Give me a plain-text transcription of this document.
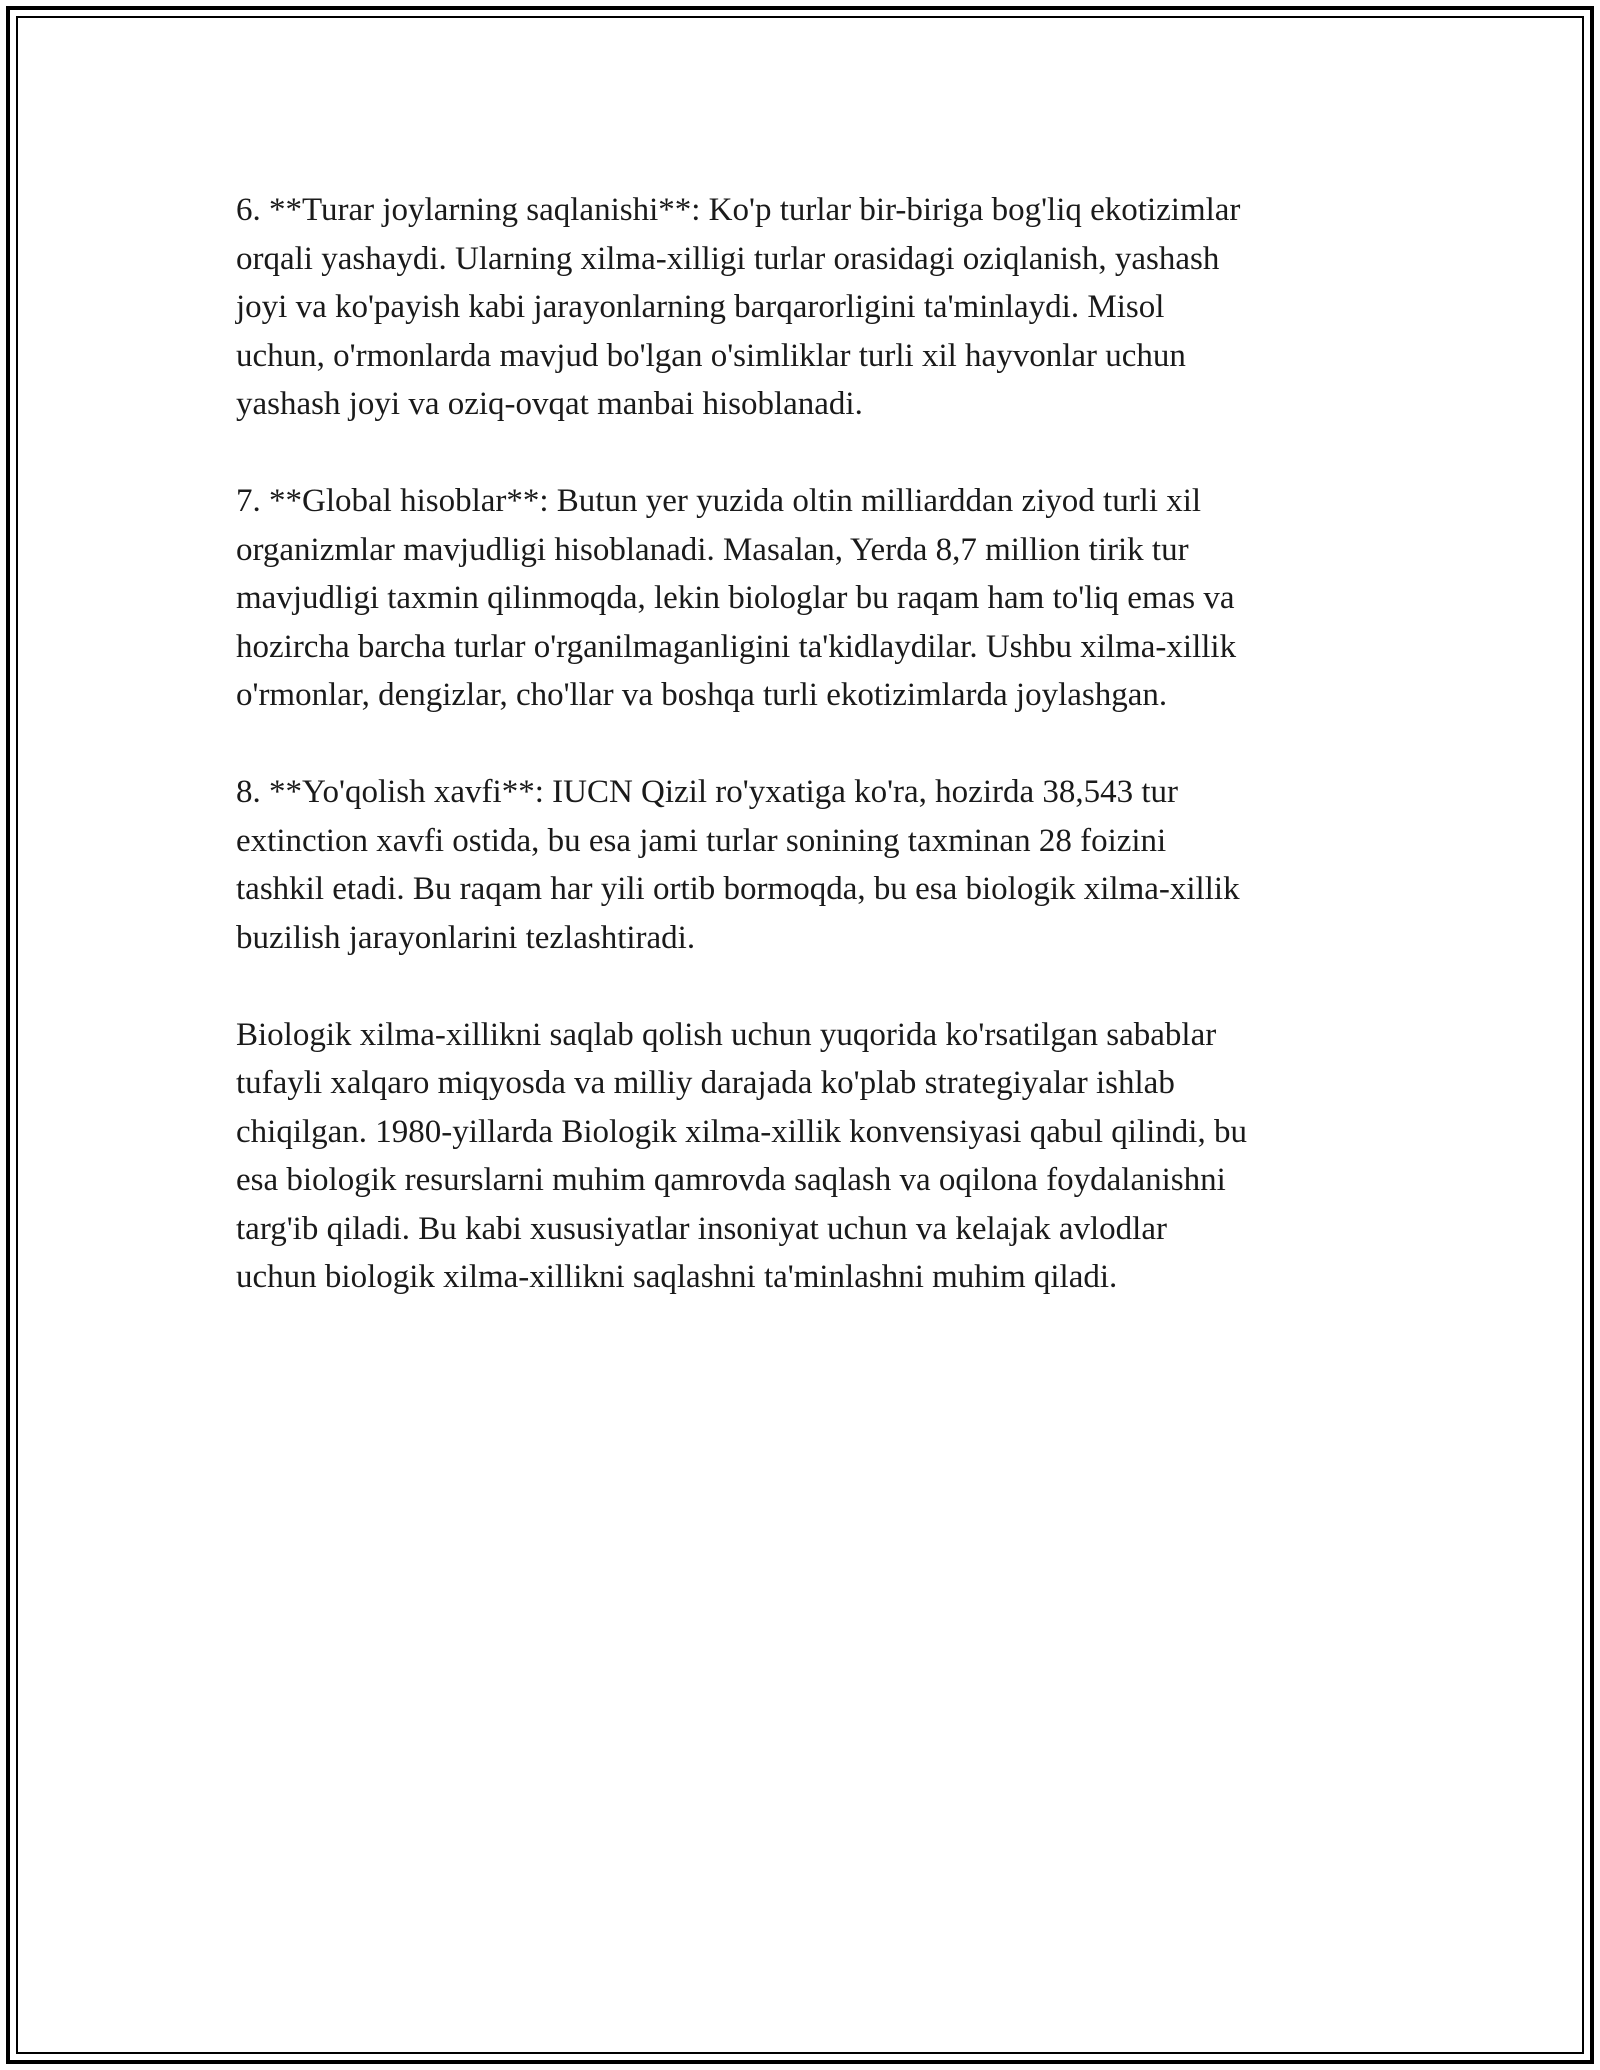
6. **Turar joylarning saqlanishi**: Ko'p turlar bir-biriga bog'liq ekotizimlar
orqali yashaydi. Ularning xilma-xilligi turlar orasidagi oziqlanish, yashash
joyi va ko'payish kabi jarayonlarning barqarorligini ta'minlaydi. Misol
uchun, o'rmonlarda mavjud bo'lgan o'simliklar turli xil hayvonlar uchun
yashash joyi va oziq-ovqat manbai hisoblanadi.

7. **Global hisoblar**: Butun yer yuzida oltin milliarddan ziyod turli xil
organizmlar mavjudligi hisoblanadi. Masalan, Yerda 8,7 million tirik tur
mavjudligi taxmin qilinmoqda, lekin biologlar bu raqam ham to'liq emas va
hozircha barcha turlar o'rganilmaganligini ta'kidlaydilar. Ushbu xilma-xillik
o'rmonlar, dengizlar, cho'llar va boshqa turli ekotizimlarda joylashgan.

8. **Yo'qolish xavfi**: IUCN Qizil ro'yxatiga ko'ra, hozirda 38,543 tur
extinction xavfi ostida, bu esa jami turlar sonining taxminan 28 foizini
tashkil etadi. Bu raqam har yili ortib bormoqda, bu esa biologik xilma-xillik
buzilish jarayonlarini tezlashtiradi.

Biologik xilma-xillikni saqlab qolish uchun yuqorida ko'rsatilgan sabablar
tufayli xalqaro miqyosda va milliy darajada ko'plab strategiyalar ishlab
chiqilgan. 1980-yillarda Biologik xilma-xillik konvensiyasi qabul qilindi, bu
esa biologik resurslarni muhim qamrovda saqlash va oqilona foydalanishni
targ'ib qiladi. Bu kabi xususiyatlar insoniyat uchun va kelajak avlodlar
uchun biologik xilma-xillikni saqlashni ta'minlashni muhim qiladi.
